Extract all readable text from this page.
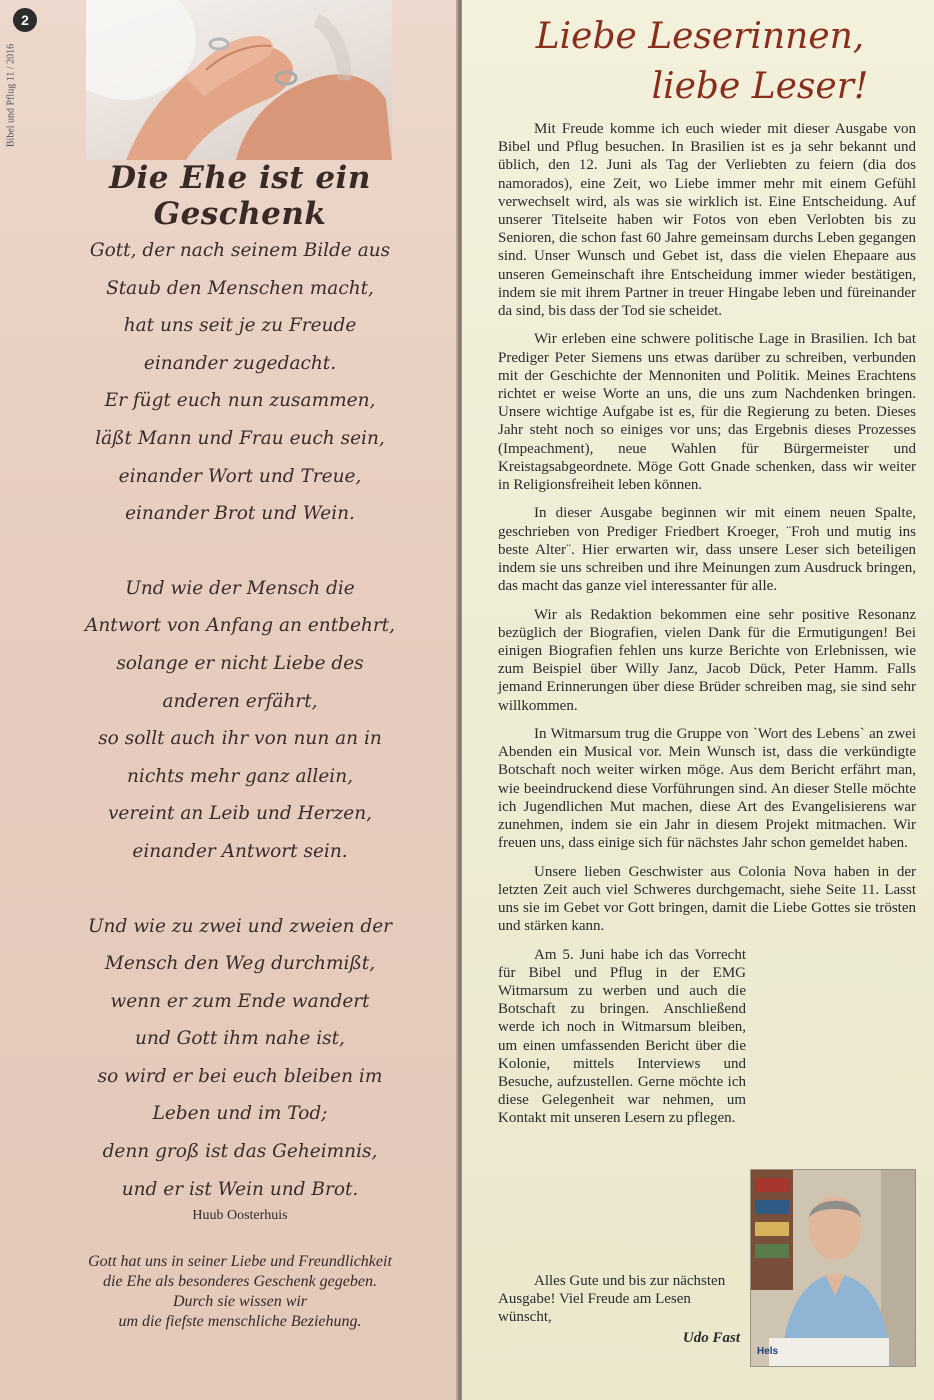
Bibel und Pflug 11 / 2016
2
Die Ehe ist ein Geschenk
Gott, der nach seinem Bilde aus
Staub den Menschen macht,
hat uns seit je zu Freude
einander zugedacht.
Er fügt euch nun zusammen,
läßt Mann und Frau euch sein,
einander Wort und Treue,
einander Brot und Wein.
Und wie der Mensch die
Antwort von Anfang an entbehrt,
solange er nicht Liebe des
anderen erfährt,
so sollt auch ihr von nun an in
nichts mehr ganz allein,
vereint an Leib und Herzen,
einander Antwort sein.
Und wie zu zwei und zweien der
Mensch den Weg durchmißt,
wenn er zum Ende wandert
und Gott ihm nahe ist,
so wird er bei euch bleiben im
Leben und im Tod;
denn groß ist das Geheimnis,
und er ist Wein und Brot.
Huub Oosterhuis
Gott hat uns in seiner Liebe und Freundlichkeit
die Ehe als besonderes Geschenk gegeben.
Durch sie wissen wir
um die fiefste menschliche Beziehung.
Liebe Leserinnen,
liebe Leser!

Mit Freude komme ich euch wieder mit dieser Ausgabe von Bibel und Pflug besuchen. In Brasilien ist es ja sehr bekannt und üblich, den 12. Juni als Tag der Verliebten zu feiern (dia dos namorados), eine Zeit, wo Liebe immer mehr mit einem Gefühl verwechselt wird, als was sie wirklich ist. Eine Entscheidung. Auf unserer Titelseite haben wir Fotos von eben Verlobten bis zu Senioren, die schon fast 60 Jahre gemeinsam durchs Leben gegangen sind. Unser Wunsch und Gebet ist, dass die vielen Ehepaare aus unseren Gemeinschaft ihre Entscheidung immer wieder bestätigen, indem sie mit ihrem Partner in treuer Hingabe leben und füreinander da sind, bis dass der Tod sie scheidet.

Wir erleben eine schwere politische Lage in Brasilien. Ich bat Prediger Peter Siemens uns etwas darüber zu schreiben, verbunden mit der Geschichte der Mennoniten und Politik. Meines Erachtens richtet er weise Worte an uns, die uns zum Nachdenken bringen. Unsere wichtige Aufgabe ist es, für die Regierung zu beten. Dieses Jahr steht noch so einiges vor uns; das Ergebnis dieses Prozesses (Impeachment), neue Wahlen für Bürgermeister und Kreistagsabgeordnete. Möge Gott Gnade schenken, dass wir weiter in Religionsfreiheit leben können.

In dieser Ausgabe beginnen wir mit einem neuen Spalte, geschrieben von Prediger Friedbert Kroeger, ¨Froh und mutig ins beste Alter¨. Hier erwarten wir, dass unsere Leser sich beteiligen indem sie uns schreiben und ihre Meinungen zum Ausdruck bringen, das macht das ganze viel interessanter für alle.

Wir als Redaktion bekommen eine sehr positive Resonanz bezüglich der Biografien, vielen Dank für die Ermutigungen! Bei einigen Biografien fehlen uns kurze Berichte von Erlebnissen, wie zum Beispiel über Willy Janz, Jacob Dück, Peter Hamm. Falls jemand Erinnerungen über diese Brüder schreiben mag, sie sind sehr willkommen.

In Witmarsum trug die Gruppe von `Wort des Lebens` an zwei Abenden ein Musical vor. Mein Wunsch ist, dass die verkündigte Botschaft noch weiter wirken möge. Aus dem Bericht erfährt man, wie beeindruckend diese Vorführungen sind. An dieser Stelle möchte ich Jugendlichen Mut machen, diese Art des Evangelisierens war zunehmen, indem sie ein Jahr in diesem Projekt mitmachen. Wir freuen uns, dass einige sich für nächstes Jahr schon gemeldet haben.

Unsere lieben Geschwister aus Colonia Nova haben in der letzten Zeit auch viel Schweres durchgemacht, siehe Seite 11. Lasst uns sie im Gebet vor Gott bringen, damit die Liebe Gottes sie trösten und stärken kann.

Am 5. Juni habe ich das Vorrecht für Bibel und Pflug in der EMG Witmarsum zu werben und auch die Botschaft zu bringen. Anschließend werde ich noch in Witmarsum bleiben, um einen umfassenden Bericht über die Kolonie, mittels Interviews und Besuche, aufzustellen. Gerne möchte ich diese Gelegenheit war nehmen, um Kontakt mit unseren Lesern zu pflegen.

Alles Gute und bis zur nächsten Ausgabe! Viel Freude am Lesen wünscht,
Udo Fast
Hels
